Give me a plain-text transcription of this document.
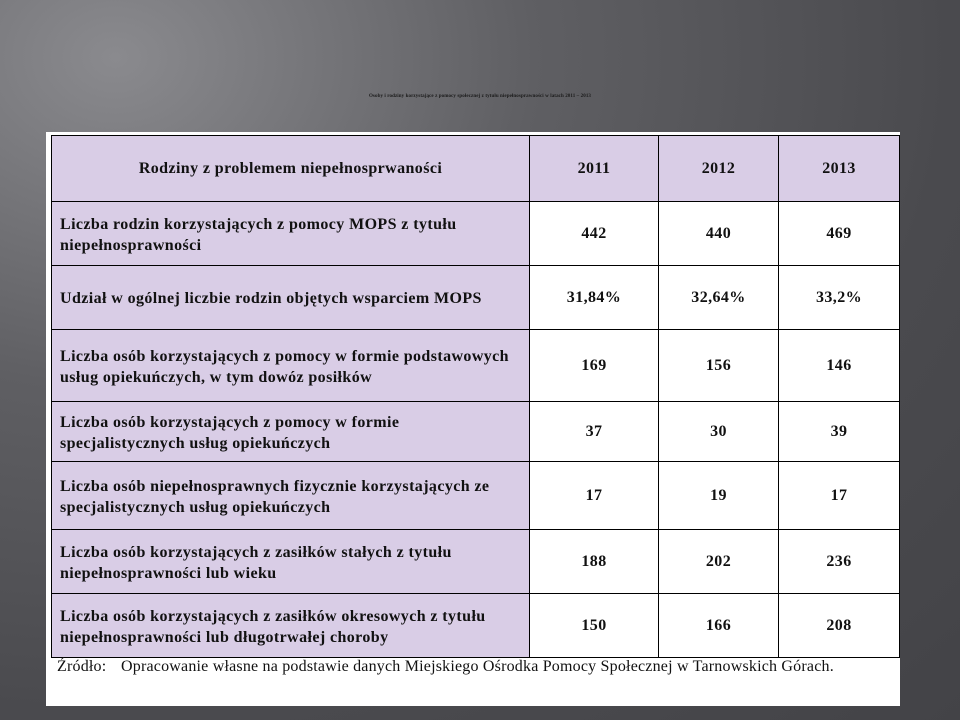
Osoby i rodziny korzystające z pomocy społecznej z tytułu niepełnosprawności w latach 2011 – 2013
Rodziny z problemem niepełnosprwaności	2011	2012	2013
Liczba rodzin korzystających z pomocy MOPS z tytułu niepełnosprawności	442	440	469
Udział w ogólnej liczbie rodzin objętych wsparciem MOPS	31,84%	32,64%	33,2%
Liczba osób korzystających z pomocy w formie podstawowych usług opiekuńczych, w tym dowóz posiłków	169	156	146
Liczba osób korzystających z pomocy w formie specjalistycznych usług opiekuńczych	37	30	39
Liczba osób niepełnosprawnych fizycznie korzystających ze specjalistycznych usług opiekuńczych	17	19	17
Liczba osób korzystających z zasiłków stałych z tytułu niepełnosprawności lub wieku	188	202	236
Liczba osób korzystających z zasiłków okresowych z tytułu niepełnosprawności lub długotrwałej choroby	150	166	208
Źródło: Opracowanie własne na podstawie danych Miejskiego Ośrodka Pomocy Społecznej w Tarnowskich Górach.
